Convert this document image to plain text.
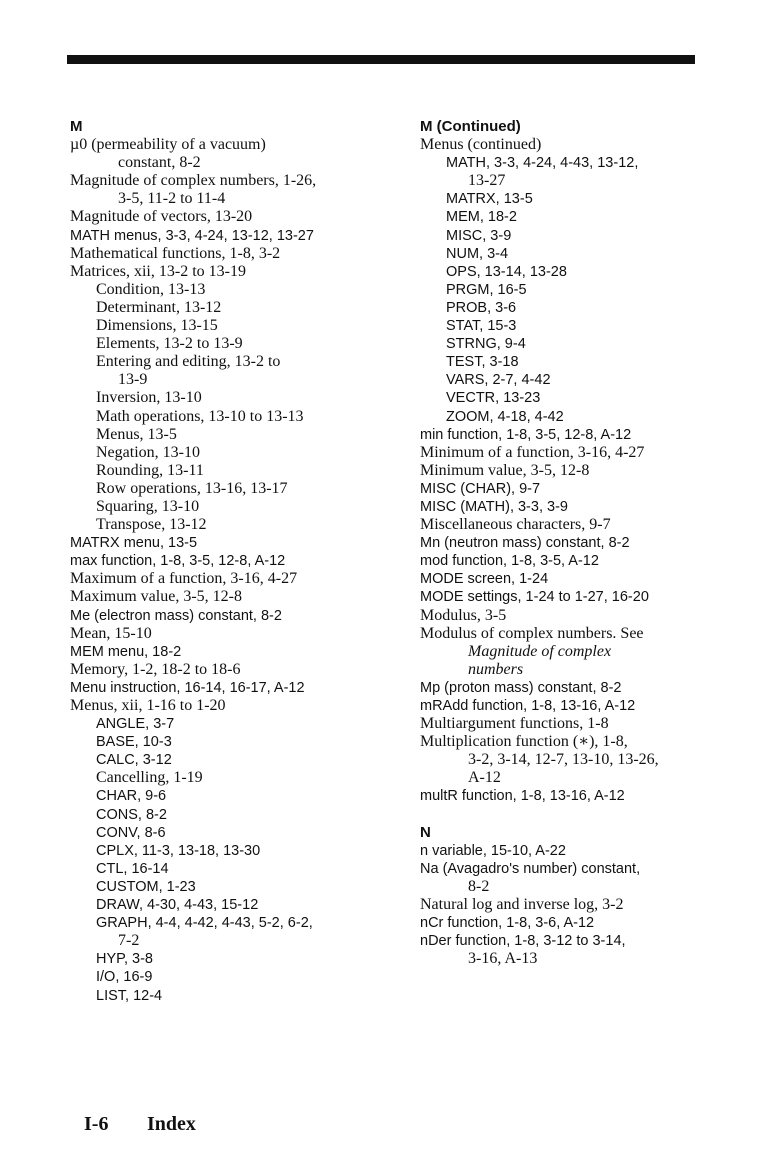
M
µ0 (permeability of a vacuum)
constant, 8-2
Magnitude of complex numbers, 1-26,
3-5, 11-2 to 11-4
Magnitude of vectors, 13-20
MATH menus, 3-3, 4-24, 13-12, 13-27
Mathematical functions, 1-8, 3-2
Matrices, xii, 13-2 to 13-19
Condition, 13-13
Determinant, 13-12
Dimensions, 13-15
Elements, 13-2 to 13-9
Entering and editing, 13-2 to
13-9
Inversion, 13-10
Math operations, 13-10 to 13-13
Menus, 13-5
Negation, 13-10
Rounding, 13-11
Row operations, 13-16, 13-17
Squaring, 13-10
Transpose, 13-12
MATRX menu, 13-5
max function, 1-8, 3-5, 12-8, A-12
Maximum of a function, 3-16, 4-27
Maximum value, 3-5, 12-8
Me (electron mass) constant, 8-2
Mean, 15-10
MEM menu, 18-2
Memory, 1-2, 18-2 to 18-6
Menu instruction, 16-14, 16-17, A-12
Menus, xii, 1-16 to 1-20
ANGLE, 3-7
BASE, 10-3
CALC, 3-12
Cancelling, 1-19
CHAR, 9-6
CONS, 8-2
CONV, 8-6
CPLX, 11-3, 13-18, 13-30
CTL, 16-14
CUSTOM, 1-23
DRAW, 4-30, 4-43, 15-12
GRAPH, 4-4, 4-42, 4-43, 5-2, 6-2,
7-2
HYP, 3-8
I/O, 16-9
LIST, 12-4
M (Continued)
Menus (continued)
MATH, 3-3, 4-24, 4-43, 13-12,
13-27
MATRX, 13-5
MEM, 18-2
MISC, 3-9
NUM, 3-4
OPS, 13-14, 13-28
PRGM, 16-5
PROB, 3-6
STAT, 15-3
STRNG, 9-4
TEST, 3-18
VARS, 2-7, 4-42
VECTR, 13-23
ZOOM, 4-18, 4-42
min function, 1-8, 3-5, 12-8, A-12
Minimum of a function, 3-16, 4-27
Minimum value, 3-5, 12-8
MISC (CHAR), 9-7
MISC (MATH), 3-3, 3-9
Miscellaneous characters, 9-7
Mn (neutron mass) constant, 8-2
mod function, 1-8, 3-5, A-12
MODE screen, 1-24
MODE settings, 1-24 to 1-27, 16-20
Modulus, 3-5
Modulus of complex numbers. See
Magnitude of complex
numbers
Mp (proton mass) constant, 8-2
mRAdd function, 1-8, 13-16, A-12
Multiargument functions, 1-8
Multiplication function (∗), 1-8,
3-2, 3-14, 12-7, 13-10, 13-26,
A-12
multR function, 1-8, 13-16, A-12
N
n variable, 15-10, A-22
Na (Avagadro's number) constant,
8-2
Natural log and inverse log, 3-2
nCr function, 1-8, 3-6, A-12
nDer function, 1-8, 3-12 to 3-14,
3-16, A-13
I-6 Index
